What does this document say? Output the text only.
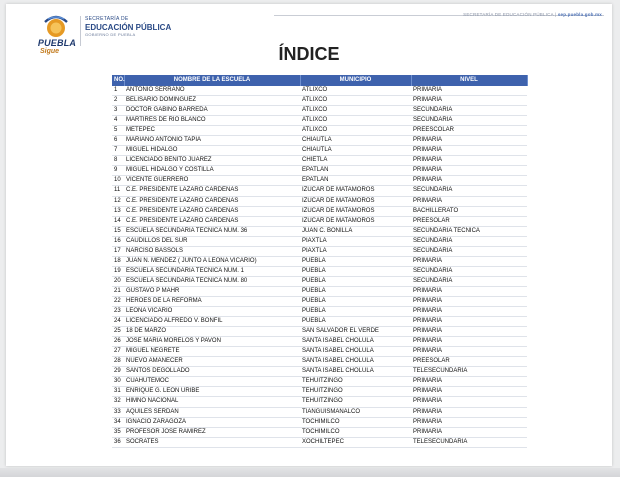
PUEBLA
Sigue
SECRETARÍA DE
EDUCACIÓN PÚBLICA
GOBIERNO DE PUEBLA
SECRETARÍA DE EDUCACIÓN PÚBLICA | sep.puebla.gob.mx
ÍNDICE
NO.	NOMBRE DE LA ESCUELA	MUNICIPIO	NIVEL
1	ANTONIO SERRANO	ATLIXCO	PRIMARIA
2	BELISARIO DOMINGUEZ	ATLIXCO	PRIMARIA
3	DOCTOR GABINO BARREDA	ATLIXCO	SECUNDARIA
4	MARTIRES DE RIO BLANCO	ATLIXCO	SECUNDARIA
5	METEPEC	ATLIXCO	PREESCOLAR
6	MARIANO ANTONIO TAPIA	CHIAUTLA	PRIMARIA
7	MIGUEL HIDALGO	CHIAUTLA	PRIMARIA
8	LICENCIADO BENITO JUAREZ	CHIETLA	PRIMARIA
9	MIGUEL HIDALGO Y COSTILLA	EPATLÁN	PRIMARIA
10	VICENTE GUERRERO	EPATLÁN	PRIMARIA
11	C.E. PRESIDENTE LAZARO CARDENAS	IZUCAR DE MATAMOROS	SECUNDARIA
12	C.E. PRESIDENTE LAZARO CARDENAS	IZUCAR DE MATAMOROS	PRIMARIA
13	C.E. PRESIDENTE LAZARO CARDENAS	IZUCAR DE MATAMOROS	BACHILLERATO
14	C.E. PRESIDENTE LAZARO CARDENAS	IZUCAR DE MATAMOROS	PREESOLAR
15	ESCUELA SECUNDARIA TECNICA NUM. 36	JUAN C. BONILLA	SECUNDARIA TECNICA
16	CAUDILLOS DEL SUR	PIAXTLA	SECUNDARIA
17	NARCISO BASSOLS	PIAXTLA	SECUNDARIA
18	JUAN N. MENDEZ ( JUNTO A LEONA VICARIO)	PUEBLA	PRIMARIA
19	ESCUELA SECUNDARIA TECNICA NUM. 1	PUEBLA	SECUNDARIA
20	ESCUELA SECUNDARIA TECNICA NUM. 80	PUEBLA	SECUNDARIA
21	GUSTAVO P MAHR	PUEBLA	PRIMARIA
22	HEROES DE LA REFORMA	PUEBLA	PRIMARIA
23	LEONA VICARIO	PUEBLA	PRIMARIA
24	LICENCIADO ALFREDO V. BONFIL	PUEBLA	PRIMARIA
25	18 DE MARZO	SAN SALVADOR EL VERDE	PRIMARIA
26	JOSE MARIA MORELOS Y PAVON	SANTA ISABEL CHOLULA	PRIMARIA
27	MIGUEL NEGRETE	SANTA ISABEL CHOLULA	PRIMARIA
28	NUEVO AMANECER	SANTA ISABEL CHOLULA	PREESOLAR
29	SANTOS DEGOLLADO	SANTA ISABEL CHOLULA	TELESECUNDARIA
30	CUAHUTEMOC	TEHUITZINGO	PRIMARIA
31	ENRIQUE G. LEON URIBE	TEHUITZINGO	PRIMARIA
32	HIMNO NACIONAL	TEHUITZINGO	PRIMARIA
33	AQUILES SERDAN	TIANGUISMANALCO	PRIMARIA
34	IGNACIO ZARAGOZA	TOCHIMILCO	PRIMARIA
35	PROFESOR JOSE RAMIREZ	TOCHIMILCO	PRIMARIA
36	SOCRATES	XOCHILTEPEC	TELESECUNDARIA
